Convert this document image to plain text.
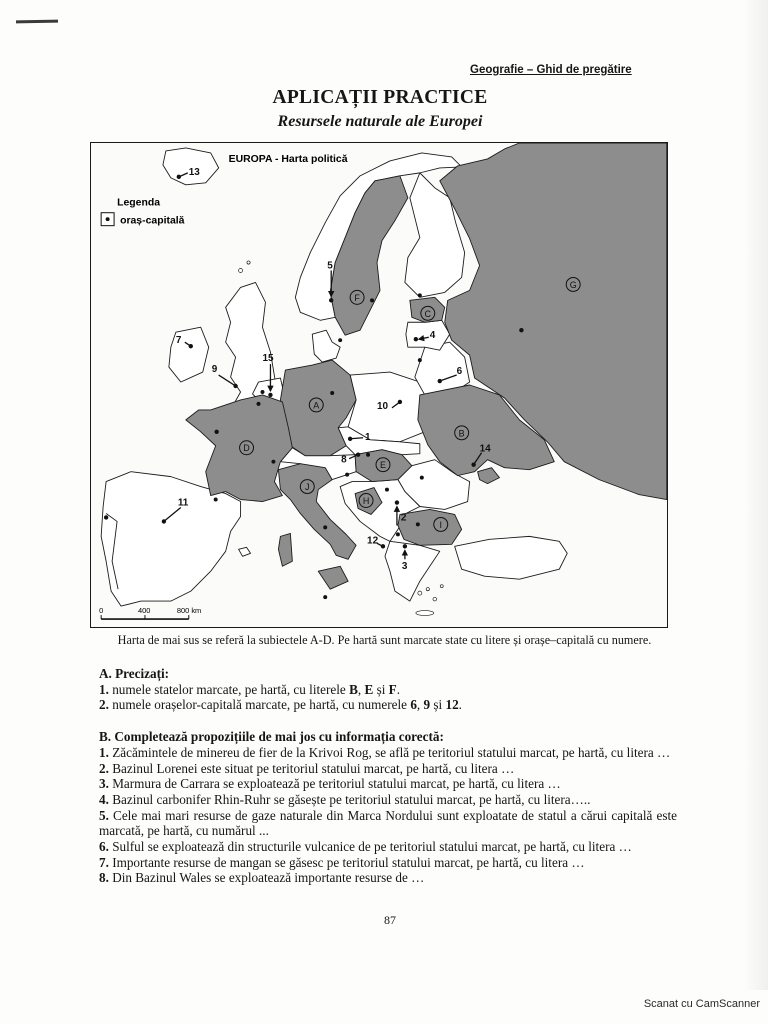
Geografie – Ghid de pregătire
APLICAȚII PRACTICE
Resursele naturale ale Europei
EUROPA - Harta politică
Legenda
oraș-capitală
1
2
3
4
5
6
7
8
9
10
11
12
13
14
15
A
B
C
D
E
F
G
H
I
J
0	400	800 km
Harta de mai sus se referă la subiectele A-D. Pe hartă sunt marcate state cu litere și orașe–capitală cu numere.
A. Precizați:
1. numele statelor marcate, pe hartă, cu literele B, E și F.
2. numele orașelor-capitală marcate, pe hartă, cu numerele 6, 9 și 12.
B. Completează propozițiile de mai jos cu informația corectă:
1. Zăcămintele de minereu de fier de la Krivoi Rog, se află pe teritoriul statului marcat, pe hartă, cu litera …
2. Bazinul Lorenei este situat pe teritoriul statului marcat, pe hartă, cu litera …
3. Marmura de Carrara se exploatează pe teritoriul statului marcat, pe hartă, cu litera …
4. Bazinul carbonifer Rhin-Ruhr se găsește pe teritoriul statului marcat, pe hartă, cu litera…..
5. Cele mai mari resurse de gaze naturale din Marca Nordului sunt exploatate de statul a cărui capitală este marcată, pe hartă, cu numărul ...
6. Sulful se exploatează din structurile vulcanice de pe teritoriul statului marcat, pe hartă, cu litera …
7. Importante resurse de mangan se găsesc pe teritoriul statului marcat, pe hartă, cu litera …
8. Din Bazinul Wales se exploatează importante resurse de …
87
Scanat cu CamScanner
